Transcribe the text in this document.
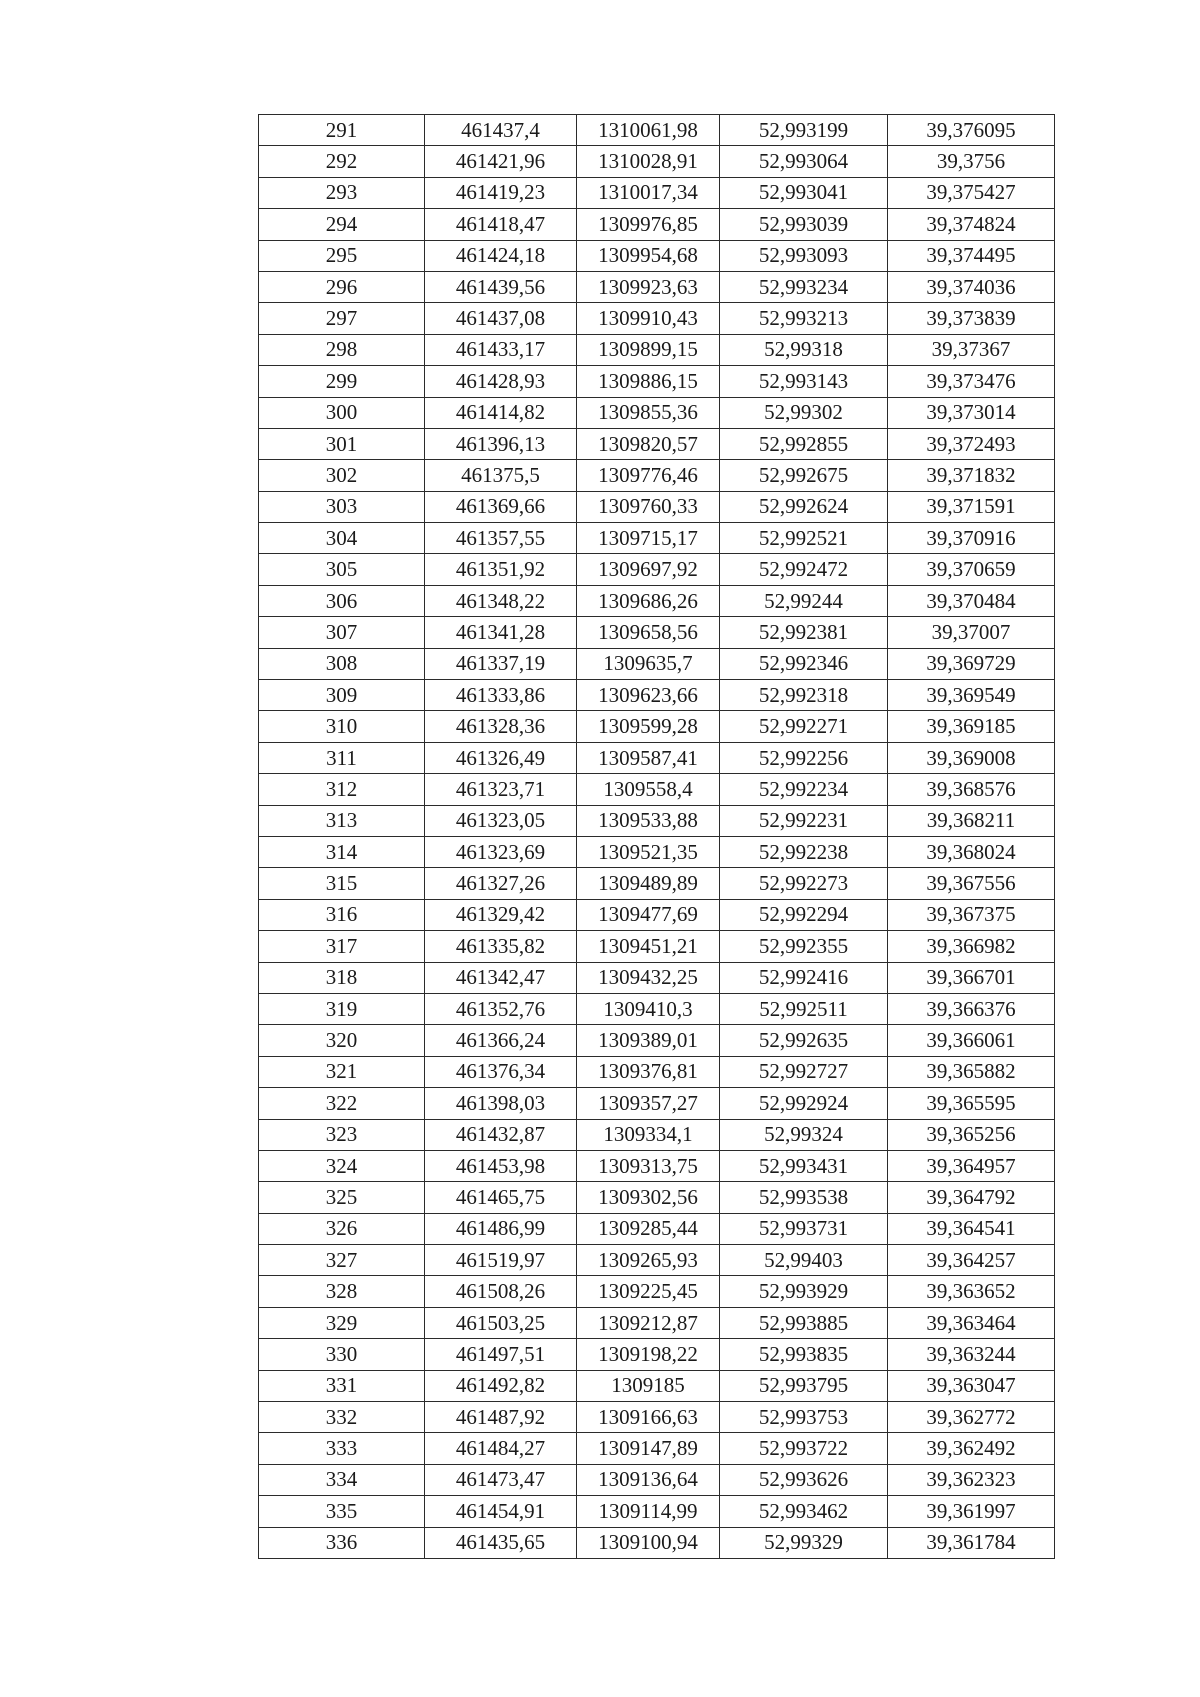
291	461437,4	1310061,98	52,993199	39,376095
292	461421,96	1310028,91	52,993064	39,3756
293	461419,23	1310017,34	52,993041	39,375427
294	461418,47	1309976,85	52,993039	39,374824
295	461424,18	1309954,68	52,993093	39,374495
296	461439,56	1309923,63	52,993234	39,374036
297	461437,08	1309910,43	52,993213	39,373839
298	461433,17	1309899,15	52,99318	39,37367
299	461428,93	1309886,15	52,993143	39,373476
300	461414,82	1309855,36	52,99302	39,373014
301	461396,13	1309820,57	52,992855	39,372493
302	461375,5	1309776,46	52,992675	39,371832
303	461369,66	1309760,33	52,992624	39,371591
304	461357,55	1309715,17	52,992521	39,370916
305	461351,92	1309697,92	52,992472	39,370659
306	461348,22	1309686,26	52,99244	39,370484
307	461341,28	1309658,56	52,992381	39,37007
308	461337,19	1309635,7	52,992346	39,369729
309	461333,86	1309623,66	52,992318	39,369549
310	461328,36	1309599,28	52,992271	39,369185
311	461326,49	1309587,41	52,992256	39,369008
312	461323,71	1309558,4	52,992234	39,368576
313	461323,05	1309533,88	52,992231	39,368211
314	461323,69	1309521,35	52,992238	39,368024
315	461327,26	1309489,89	52,992273	39,367556
316	461329,42	1309477,69	52,992294	39,367375
317	461335,82	1309451,21	52,992355	39,366982
318	461342,47	1309432,25	52,992416	39,366701
319	461352,76	1309410,3	52,992511	39,366376
320	461366,24	1309389,01	52,992635	39,366061
321	461376,34	1309376,81	52,992727	39,365882
322	461398,03	1309357,27	52,992924	39,365595
323	461432,87	1309334,1	52,99324	39,365256
324	461453,98	1309313,75	52,993431	39,364957
325	461465,75	1309302,56	52,993538	39,364792
326	461486,99	1309285,44	52,993731	39,364541
327	461519,97	1309265,93	52,99403	39,364257
328	461508,26	1309225,45	52,993929	39,363652
329	461503,25	1309212,87	52,993885	39,363464
330	461497,51	1309198,22	52,993835	39,363244
331	461492,82	1309185	52,993795	39,363047
332	461487,92	1309166,63	52,993753	39,362772
333	461484,27	1309147,89	52,993722	39,362492
334	461473,47	1309136,64	52,993626	39,362323
335	461454,91	1309114,99	52,993462	39,361997
336	461435,65	1309100,94	52,99329	39,361784
